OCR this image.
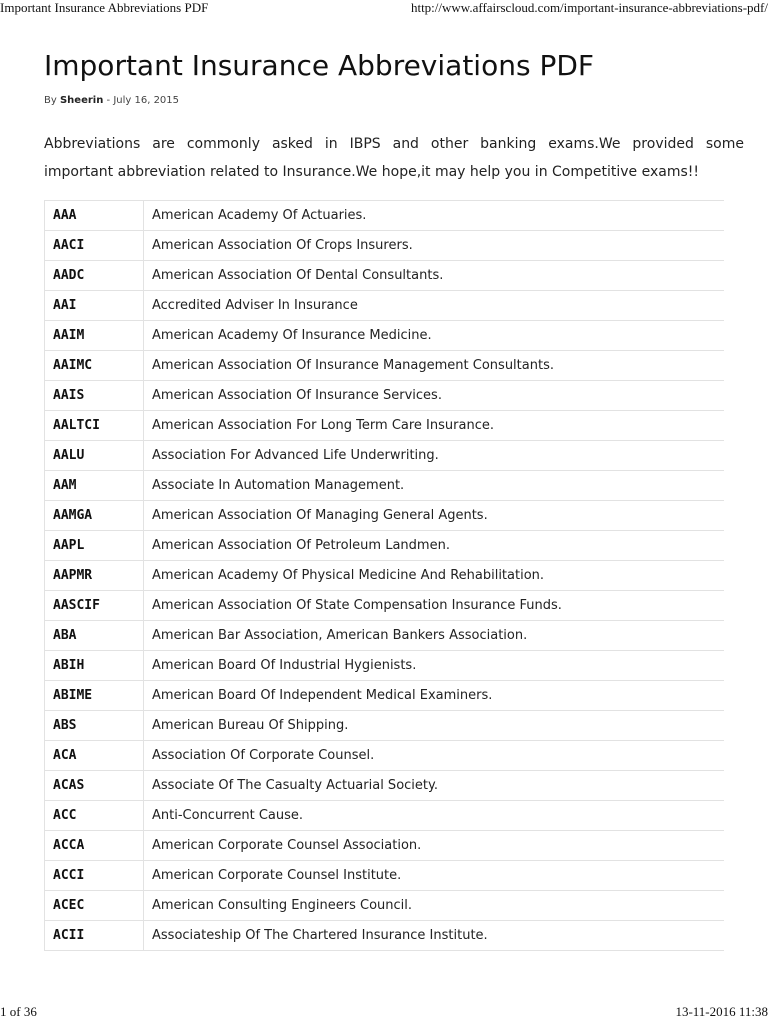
Important Insurance Abbreviations PDF	http://www.affairscloud.com/important-insurance-abbreviations-pdf/
Important Insurance Abbreviations PDF
By Sheerin - July 16, 2015
Abbreviations are commonly asked in IBPS and other banking exams.We provided some
important abbreviation related to Insurance.We hope,it may help you in Competitive exams!!
AAA	American Academy Of Actuaries.
AACI	American Association Of Crops Insurers.
AADC	American Association Of Dental Consultants.
AAI	Accredited Adviser In Insurance
AAIM	American Academy Of Insurance Medicine.
AAIMC	American Association Of Insurance Management Consultants.
AAIS	American Association Of Insurance Services.
AALTCI	American Association For Long Term Care Insurance.
AALU	Association For Advanced Life Underwriting.
AAM	Associate In Automation Management.
AAMGA	American Association Of Managing General Agents.
AAPL	American Association Of Petroleum Landmen.
AAPMR	American Academy Of Physical Medicine And Rehabilitation.
AASCIF	American Association Of State Compensation Insurance Funds.
ABA	American Bar Association, American Bankers Association.
ABIH	American Board Of Industrial Hygienists.
ABIME	American Board Of Independent Medical Examiners.
ABS	American Bureau Of Shipping.
ACA	Association Of Corporate Counsel.
ACAS	Associate Of The Casualty Actuarial Society.
ACC	Anti-Concurrent Cause.
ACCA	American Corporate Counsel Association.
ACCI	American Corporate Counsel Institute.
ACEC	American Consulting Engineers Council.
ACII	Associateship Of The Chartered Insurance Institute.
1 of 36	13-11-2016 11:38
